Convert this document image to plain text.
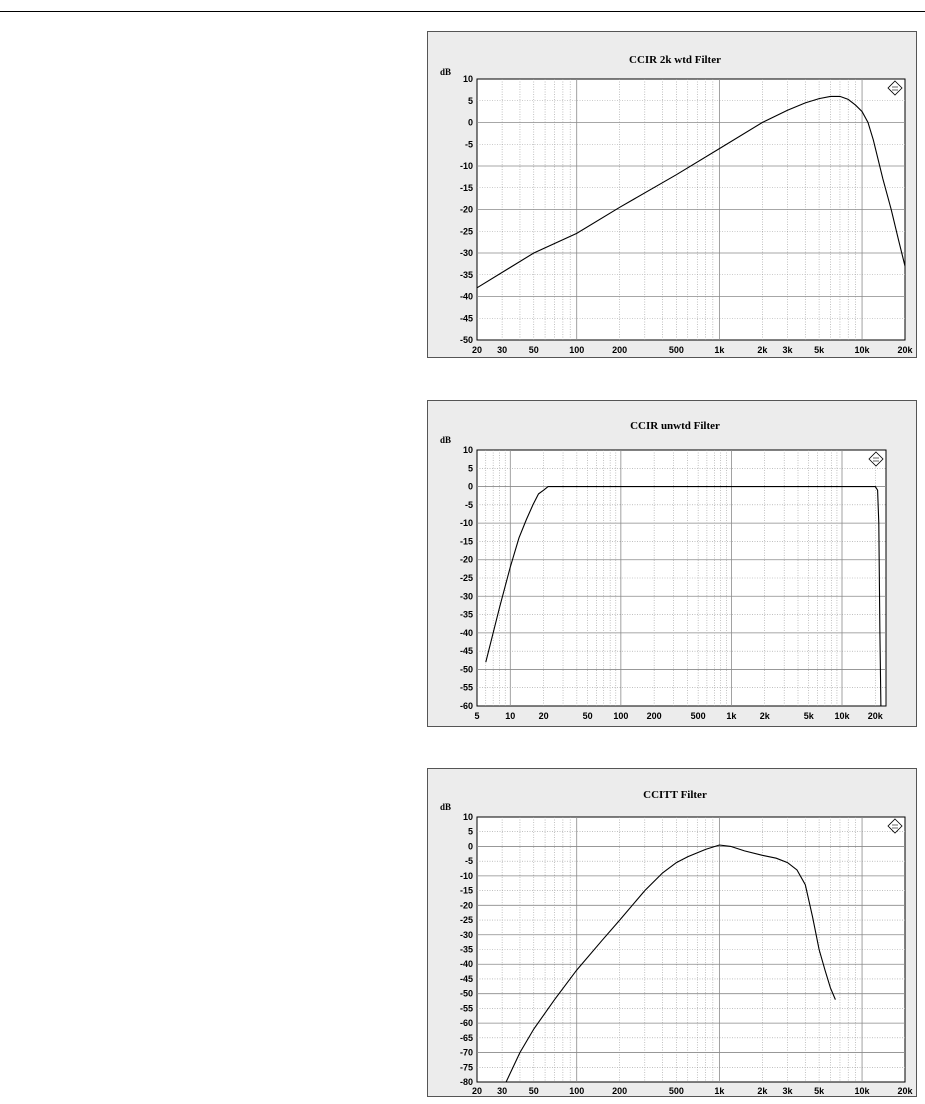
CCIR 2k wtd Filter
dB
-50
-45
-40
-35
-30
-25
-20
-15
-10
-5
0
5
10
20 30 50	100	200	500	1k	2k 3k 5k	10k	20k
CCIR unwtd Filter
dB
-60
-55
-50
-45
-40
-35
-30
-25
-20
-15
-10
-5
0
5
10
5	10	20	50 100 200	500 1k	2k	5k 10k 20k
CCITT Filter
dB
-80
-75
-70
-65
-60
-55
-50
-45
-40
-35
-30
-25
-20
-15
-10
-5
0
5
10
20 30 50	100	200	500	1k	2k 3k 5k	10k	20k
